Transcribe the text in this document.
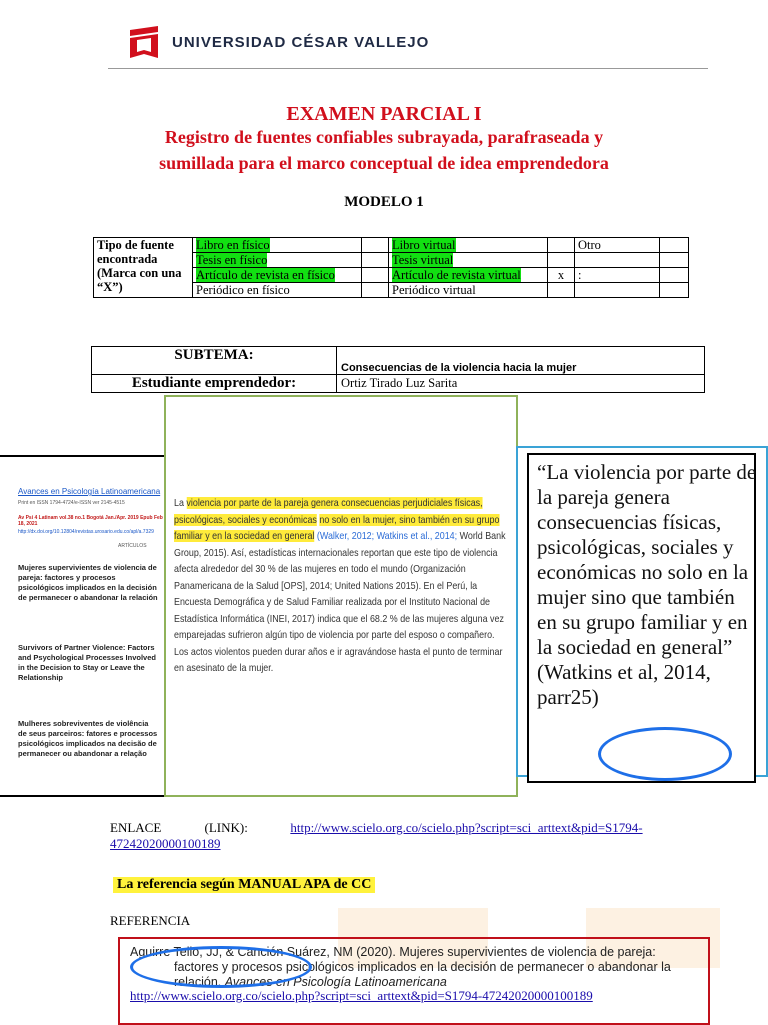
UNIVERSIDAD CÉSAR VALLEJO
EXAMEN PARCIAL I
Registro de fuentes confiables subrayada, parafraseada y
sumillada para el marco conceptual de idea emprendedora
MODELO 1
Tipo de fuente encontrada (Marca con una “X”)	Libro en físico		Libro virtual		Otro	
	Tesis en físico		Tesis virtual			
	Artículo de revista en físico		Artículo de revista virtual	x	:	
	Periódico en físico		Periódico virtual			
SUBTEMA:	Consecuencias de la violencia hacia la mujer
Estudiante emprendedor:	Ortiz Tirado Luz Sarita
Avances en Psicología Latinoamericana
Print en ISSN 1794-4724/e-ISSN ver 2145-4515
Av Psi 4 Latinam vol.38 no.1 Bogotá Jan./Apr. 2019 Epub Feb 18, 2021
http://dx.doi.org/10.12804/revistas.urosario.edu.co/apl/a.7329
ARTÍCULOS
Mujeres supervivientes de violencia de pareja: factores y procesos psicológicos implicados en la decisión de permanecer o abandonar la relación
Survivors of Partner Violence: Factors and Psychological Processes Involved in the Decision to Stay or Leave the Relationship
Mulheres sobreviventes de violência de seus parceiros: fatores e processos psicológicos implicados na decisão de permanecer ou abandonar a relação
La violencia por parte de la pareja genera consecuencias perjudiciales físicas, psicológicas, sociales y económicas no solo en la mujer, sino también en su grupo familiar y en la sociedad en general (Walker, 2012; Watkins et al., 2014; World Bank Group, 2015). Así, estadísticas internacionales reportan que este tipo de violencia afecta alrededor del 30 % de las mujeres en todo el mundo (Organización Panamericana de la Salud [OPS], 2014; United Nations 2015). En el Perú, la Encuesta Demográfica y de Salud Familiar realizada por el Instituto Nacional de Estadística Informática (INEI, 2017) indica que el 68.2 % de las mujeres alguna vez emparejadas sufrieron algún tipo de violencia por parte del esposo o compañero. Los actos violentos pueden durar años e ir agravándose hasta el punto de terminar en asesinato de la mujer.
“La violencia por parte de la pareja genera consecuencias físicas, psicológicas, sociales y económicas no solo en la mujer sino que también en su grupo familiar y en la sociedad en general” (Watkins et al, 2014, parr25)
ENLACE (LINK):	http://www.scielo.org.co/scielo.php?script=sci_arttext&pid=S1794-
47242020000100189
La referencia según MANUAL APA de CC
REFERENCIA
Aguirre Tello, JJ, & Canción Suárez, NM (2020). Mujeres supervivientes de violencia de pareja:
factores y procesos psicológicos implicados en la decisión de permanecer o abandonar la
relación. Avances en Psicología Latinoamericana
http://www.scielo.org.co/scielo.php?script=sci_arttext&pid=S1794-47242020000100189
